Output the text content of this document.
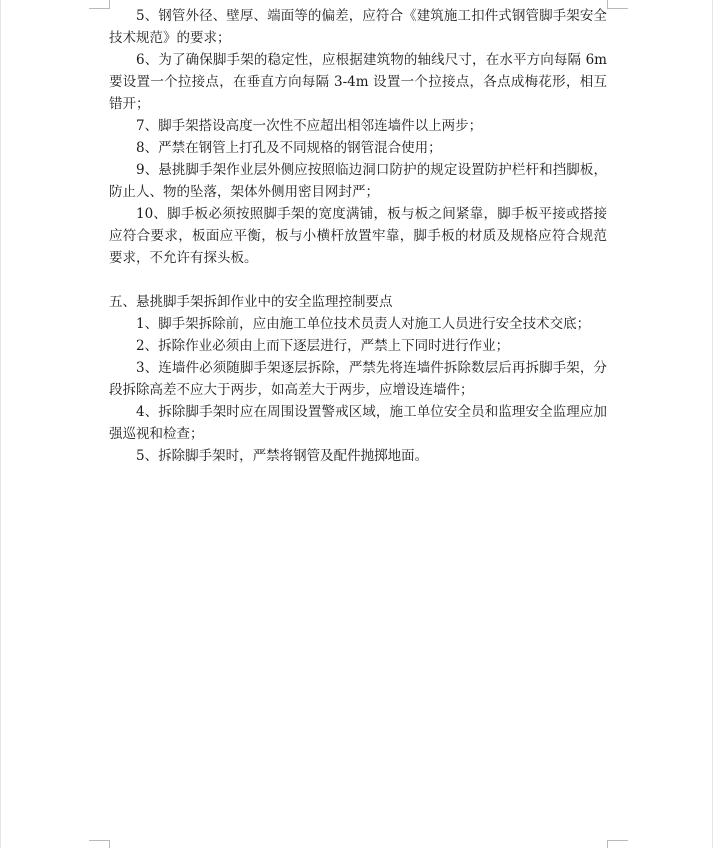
5、钢管外径、壁厚、端面等的偏差，应符合《建筑施工扣件式钢管脚手架安全技术规范》的要求；

6、为了确保脚手架的稳定性，应根据建筑物的轴线尺寸，在水平方向每隔 6m 要设置一个拉接点，在垂直方向每隔 3-4m 设置一个拉接点，各点成梅花形，相互错开；

7、脚手架搭设高度一次性不应超出相邻连墙件以上两步；

8、严禁在钢管上打孔及不同规格的钢管混合使用；

9、悬挑脚手架作业层外侧应按照临边洞口防护的规定设置防护栏杆和挡脚板，防止人、物的坠落，架体外侧用密目网封严；

10、脚手板必须按照脚手架的宽度满铺，板与板之间紧靠，脚手板平接或搭接应符合要求，板面应平衡，板与小横杆放置牢靠，脚手板的材质及规格应符合规范要求，不允许有探头板。

五、悬挑脚手架拆卸作业中的安全监理控制要点

1、脚手架拆除前，应由施工单位技术员责人对施工人员进行安全技术交底；

2、拆除作业必须由上而下逐层进行，严禁上下同时进行作业；

3、连墙件必须随脚手架逐层拆除，严禁先将连墙件拆除数层后再拆脚手架，分段拆除高差不应大于两步，如高差大于两步，应增设连墙件；

4、拆除脚手架时应在周围设置警戒区域，施工单位安全员和监理安全监理应加强巡视和检查；

5、拆除脚手架时，严禁将钢管及配件抛掷地面。
